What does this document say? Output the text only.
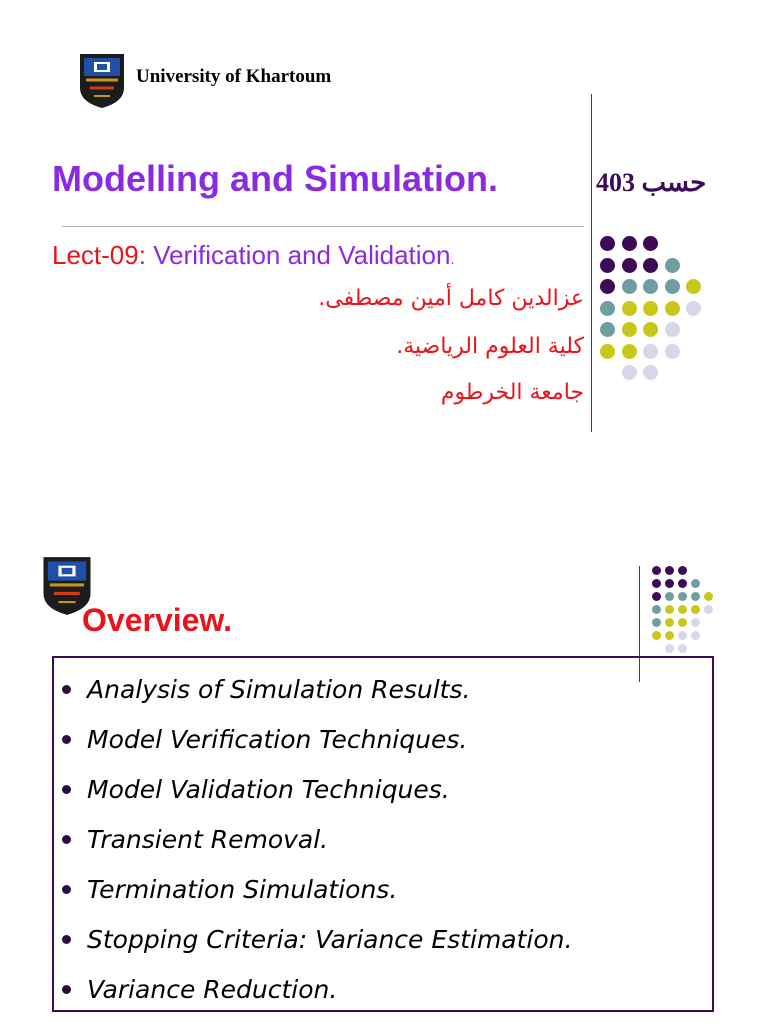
University of Khartoum
Modelling and Simulation.	حسب 403
Lect-09: Verification and Validation.
عزالدين كامل أمين مصطفى.
كلية العلوم الرياضية.
جامعة الخرطوم
Overview.
Analysis of Simulation Results.
Model Verification Techniques.
Model Validation Techniques.
Transient Removal.
Termination Simulations.
Stopping Criteria: Variance Estimation.
Variance Reduction.
